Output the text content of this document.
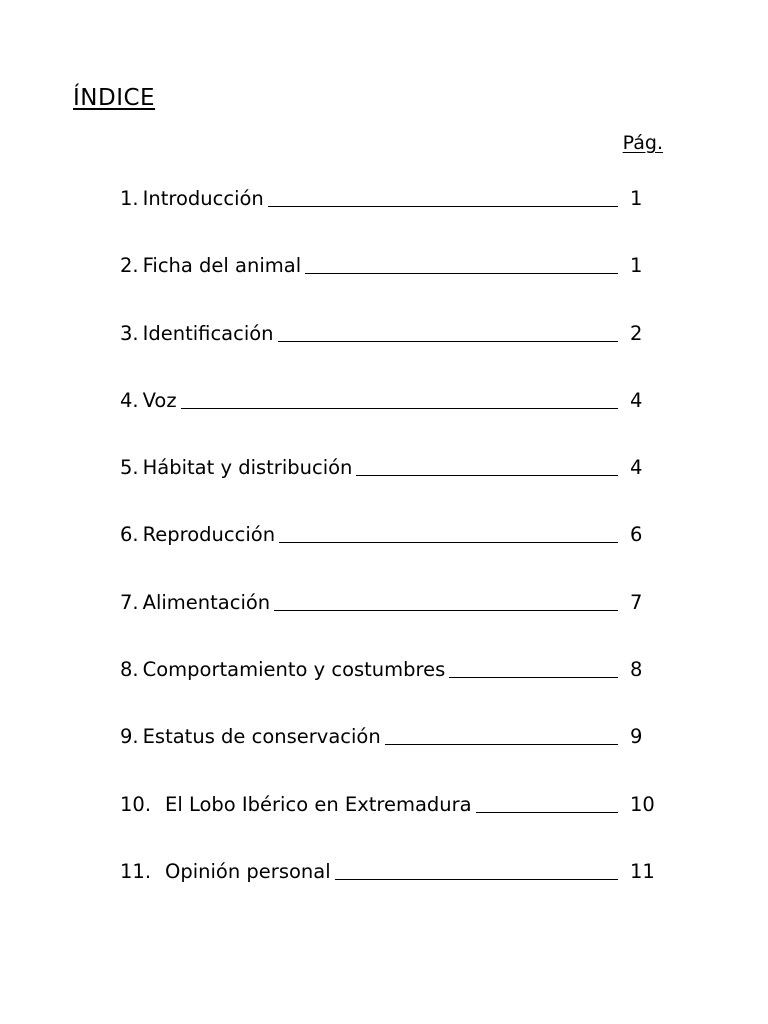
ÍNDICE
Pág.
1. Introducción	1
2. Ficha del animal	1
3. Identificación	2
4. Voz	4
5. Hábitat y distribución	4
6. Reproducción	6
7. Alimentación	7
8. Comportamiento y costumbres	8
9. Estatus de conservación	9
10. El Lobo Ibérico en Extremadura	10
11. Opinión personal	11
